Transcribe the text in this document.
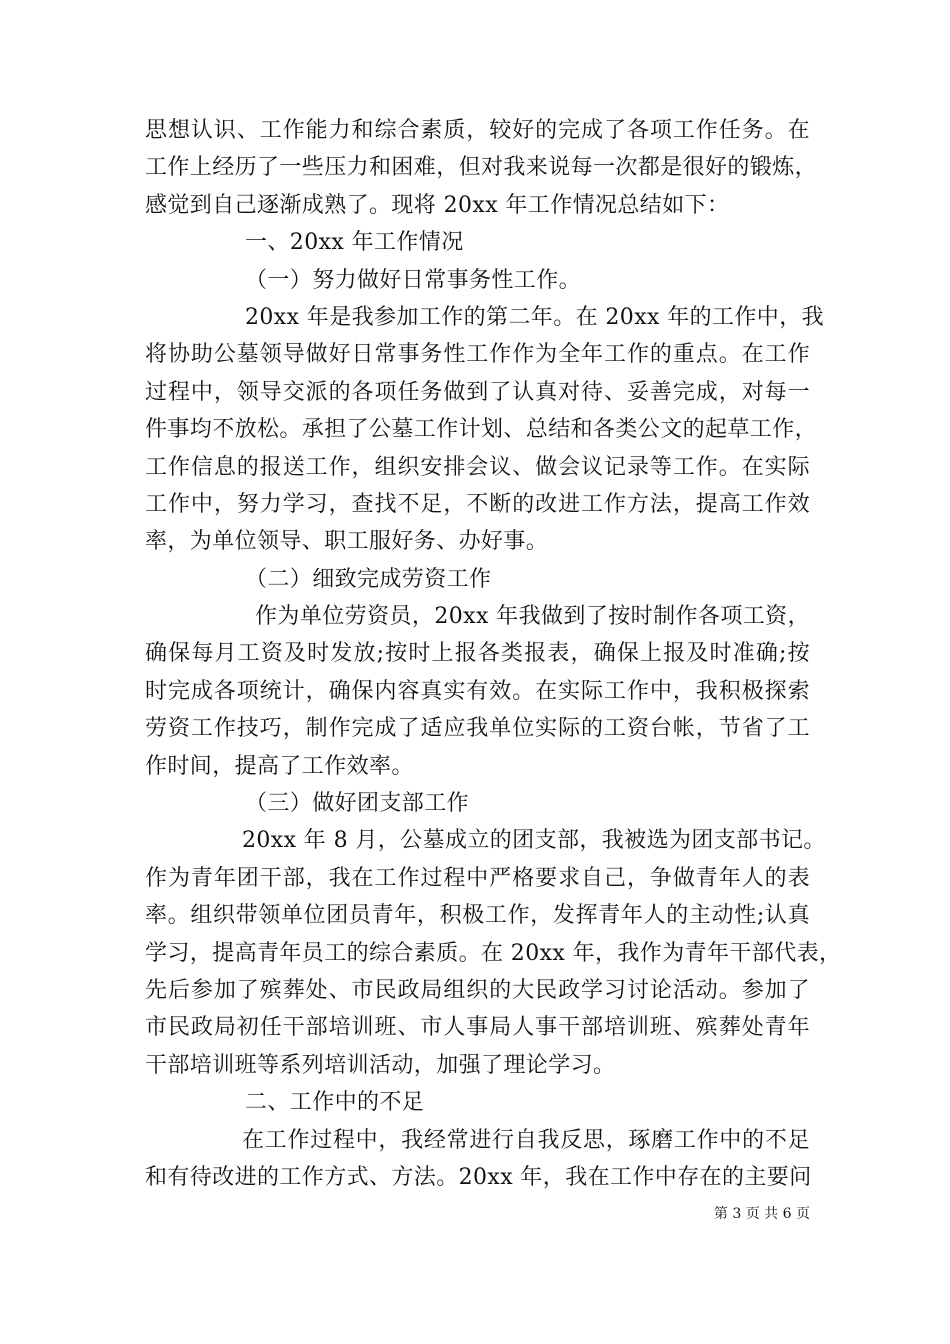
思想认识、工作能力和综合素质，较好的完成了各项工作任务。在
工作上经历了一些压力和困难，但对我来说每一次都是很好的锻炼，
感觉到自己逐渐成熟了。现将 20xx 年工作情况总结如下：
一、20xx 年工作情况
（一）努力做好日常事务性工作。
20xx 年是我参加工作的第二年。在 20xx 年的工作中，我
将协助公墓领导做好日常事务性工作作为全年工作的重点。在工作
过程中，领导交派的各项任务做到了认真对待、妥善完成，对每一
件事均不放松。承担了公墓工作计划、总结和各类公文的起草工作，
工作信息的报送工作，组织安排会议、做会议记录等工作。在实际
工作中，努力学习，查找不足，不断的改进工作方法，提高工作效
率，为单位领导、职工服好务、办好事。
（二）细致完成劳资工作
作为单位劳资员，20xx 年我做到了按时制作各项工资，
确保每月工资及时发放;按时上报各类报表，确保上报及时准确;按
时完成各项统计，确保内容真实有效。在实际工作中，我积极探索
劳资工作技巧，制作完成了适应我单位实际的工资台帐，节省了工
作时间，提高了工作效率。
（三）做好团支部工作
20xx 年 8 月，公墓成立的团支部，我被选为团支部书记。
作为青年团干部，我在工作过程中严格要求自己，争做青年人的表
率。组织带领单位团员青年，积极工作，发挥青年人的主动性;认真
学习，提高青年员工的综合素质。在 20xx 年，我作为青年干部代表，
先后参加了殡葬处、市民政局组织的大民政学习讨论活动。参加了
市民政局初任干部培训班、市人事局人事干部培训班、殡葬处青年
干部培训班等系列培训活动，加强了理论学习。
二、工作中的不足
在工作过程中，我经常进行自我反思，琢磨工作中的不足
和有待改进的工作方式、方法。20xx 年，我在工作中存在的主要问
第 3 页 共 6 页
